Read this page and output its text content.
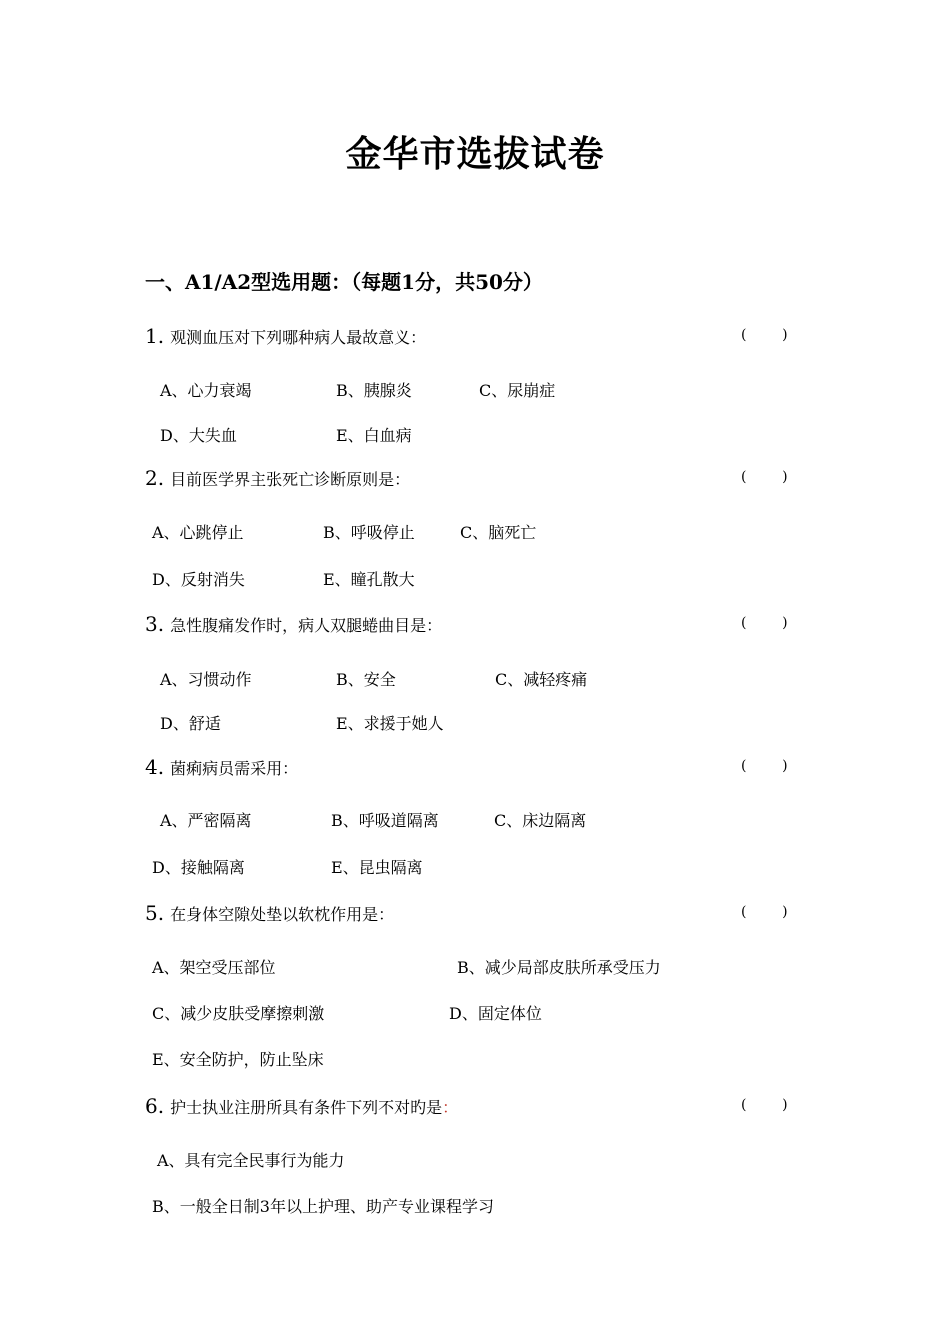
金华市选拔试卷
一、A1/A2型选用题：（每题1分，共50分）
1. 观测血压对下列哪种病人最故意义：	(        )
A、心力衰竭	B、胰腺炎	C、尿崩症
D、大失血	E、白血病
2. 目前医学界主张死亡诊断原则是：	(        )
A、心跳停止	B、呼吸停止	C、脑死亡
D、反射消失	E、瞳孔散大
3. 急性腹痛发作时，病人双腿蜷曲目是：	(        )
A、习惯动作	B、安全	C、减轻疼痛
D、舒适	E、求援于她人
4. 菌痢病员需采用：	(        )
A、严密隔离	B、呼吸道隔离	C、床边隔离
D、接触隔离	E、昆虫隔离
5. 在身体空隙处垫以软枕作用是：	(        )
A、架空受压部位	B、减少局部皮肤所承受压力
C、减少皮肤受摩擦刺激	D、固定体位
E、安全防护，防止坠床
6. 护士执业注册所具有条件下列不对旳是：	(        )
A、具有完全民事行为能力
B、一般全日制3年以上护理、助产专业课程学习
